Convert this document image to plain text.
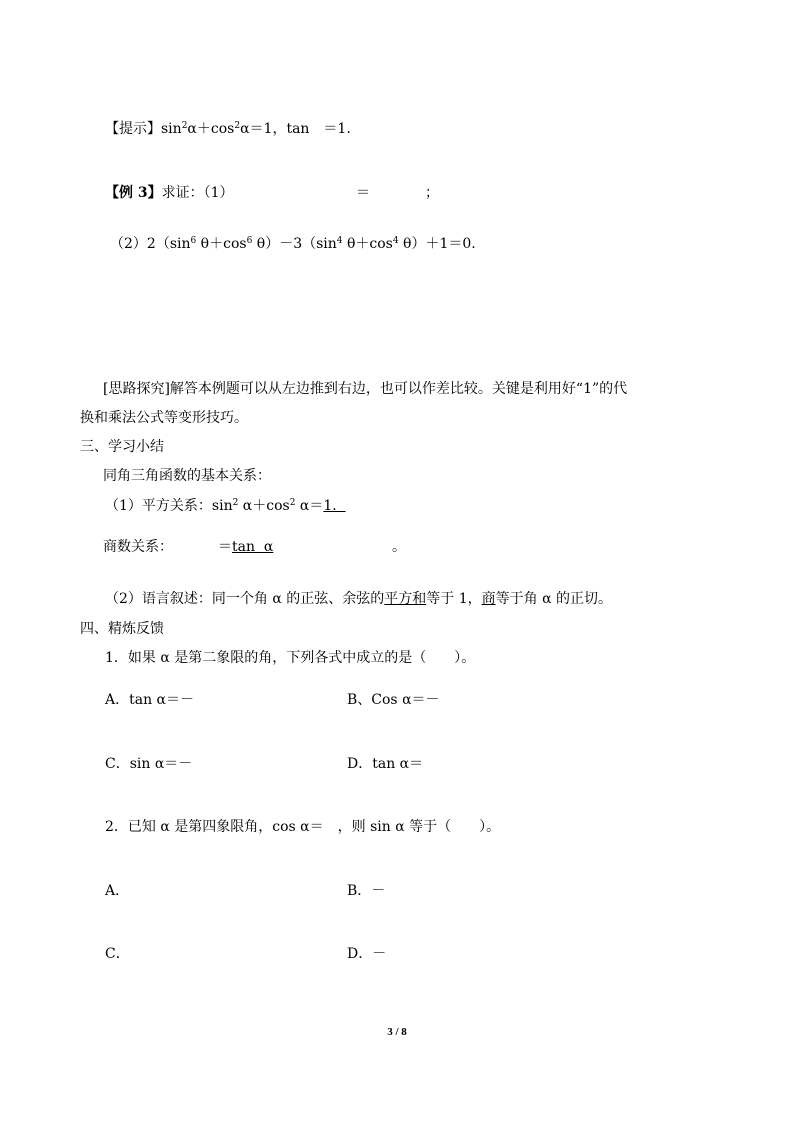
【提示】$\sin^2\alpha+\cos^2\alpha=1$，tan　＝1.
【例 3】求证：（1）	＝	；
$(2)2(\sin^6$ $\theta+\cos^6$ $\theta)-3(\sin^4$ $\theta+\cos^4$ θ）＋1＝0.
[思路探究]解答本例题可以从左边推到右边，也可以作差比较。关键是利用好“1”的代
换和乘法公式等变形技巧。
三、学习小结
同角三角函数的基本关系：
（1）平方关系：$\sin^2 \alpha+\cos^2$ α＝1.
商数关系：	＝tan  α	。
（2）语言叙述：同一个角 α 的正弦、余弦的平方和等于 1，商等于角 α 的正切。
四、精炼反馈
1．如果 α 是第二象限的角，下列各式中成立的是（　　）。
A．tan α＝－	B、Cos α＝－
C．sin α＝－	D．tan α＝
2．已知 α 是第四象限角，cos α＝　，则 sin α 等于（　　）。
A．	B．－
C．	D．－
3 / 8
